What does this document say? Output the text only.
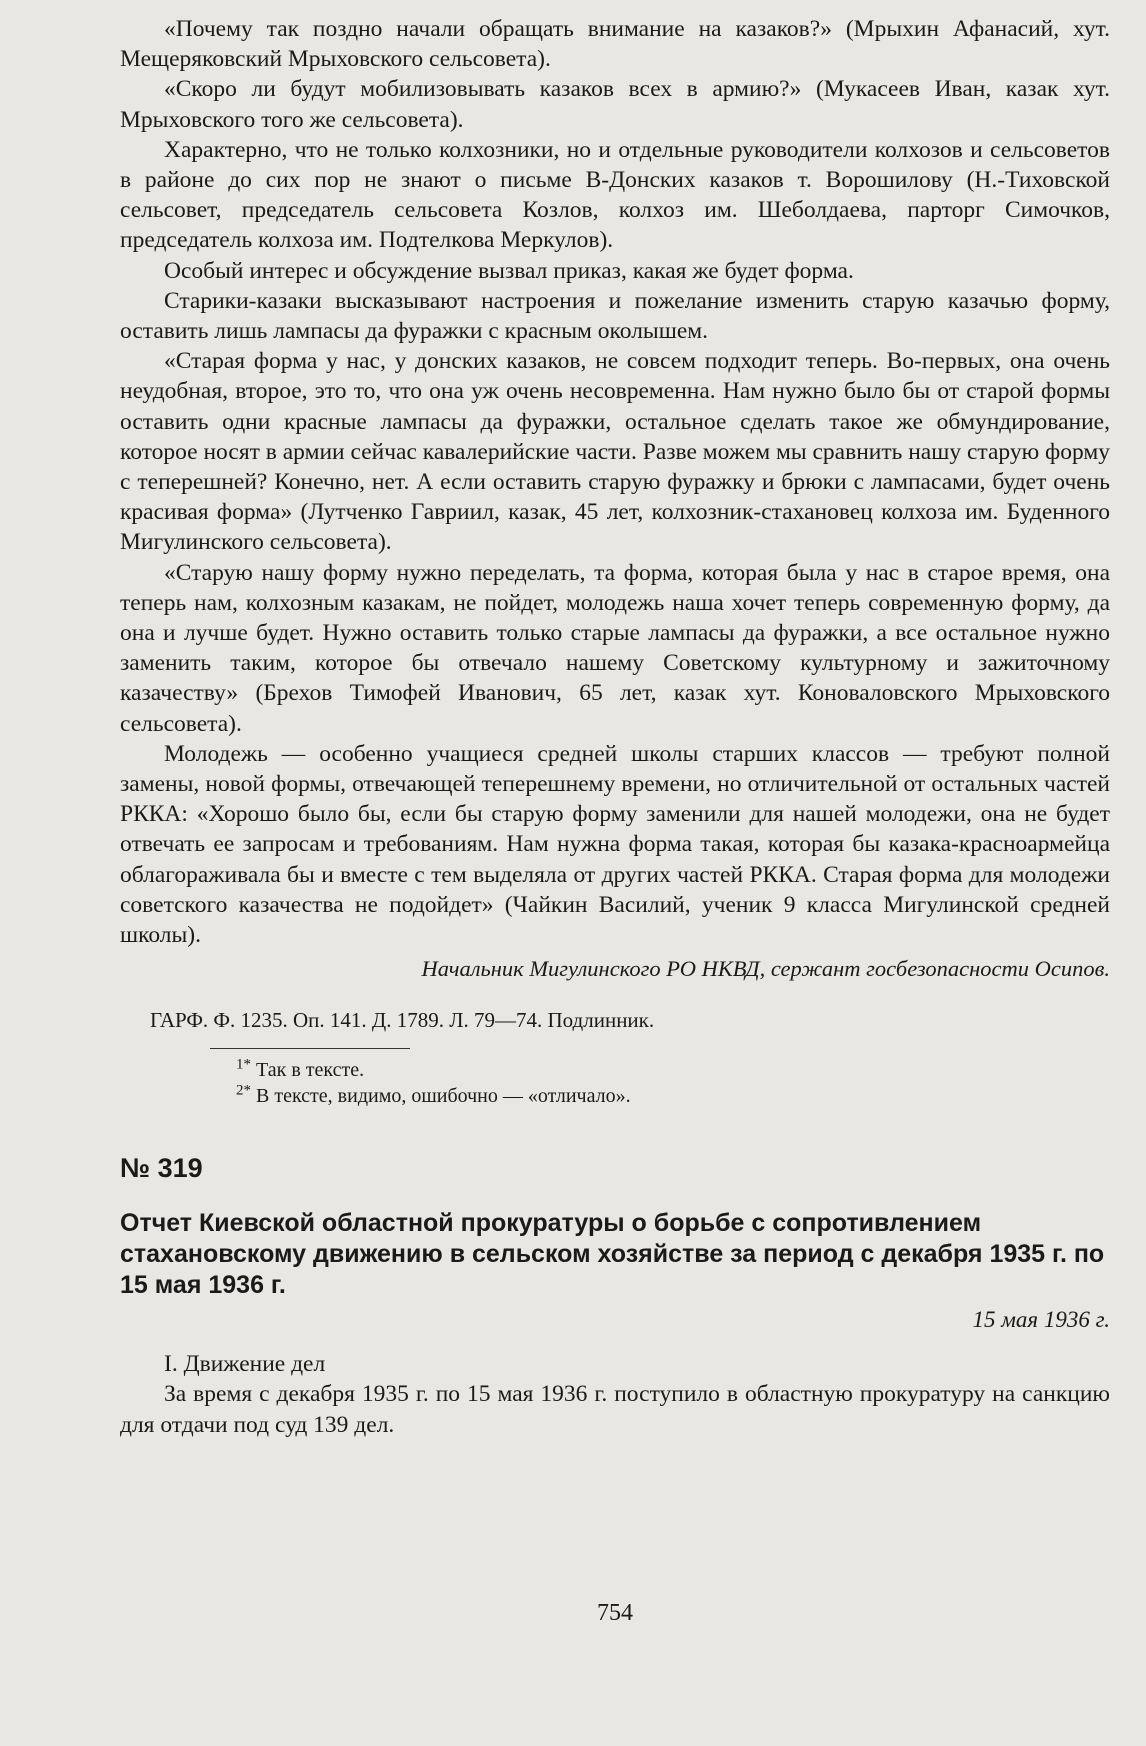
«Почему так поздно начали обращать внимание на казаков?» (Мрыхин Афанасий, хут. Мещеряковский Мрыховского сельсовета).

«Скоро ли будут мобилизовывать казаков всех в армию?» (Мукасеев Иван, казак хут. Мрыховского того же сельсовета).

Характерно, что не только колхозники, но и отдельные руководители колхозов и сельсоветов в районе до сих пор не знают о письме В-Донских казаков т. Ворошилову (Н.-Тиховской сельсовет, председатель сельсовета Козлов, колхоз им. Шеболдаева, парторг Симочков, председатель колхоза им. Подтелкова Меркулов).

Особый интерес и обсуждение вызвал приказ, какая же будет форма.

Старики-казаки высказывают настроения и пожелание изменить старую казачью форму, оставить лишь лампасы да фуражки с красным околышем.

«Старая форма у нас, у донских казаков, не совсем подходит теперь. Во-первых, она очень неудобная, второе, это то, что она уж очень несовременна. Нам нужно было бы от старой формы оставить одни красные лампасы да фуражки, остальное сделать такое же обмундирование, которое носят в армии сейчас кавалерийские части. Разве можем мы сравнить нашу старую форму с теперешней? Конечно, нет. А если оставить старую фуражку и брюки с лампасами, будет очень красивая форма» (Лутченко Гавриил, казак, 45 лет, колхозник-стахановец колхоза им. Буденного Мигулинского сельсовета).

«Старую нашу форму нужно переделать, та форма, которая была у нас в старое время, она теперь нам, колхозным казакам, не пойдет, молодежь наша хочет теперь современную форму, да она и лучше будет. Нужно оставить только старые лампасы да фуражки, а все остальное нужно заменить таким, которое бы отвечало нашему Советскому культурному и зажиточному казачеству» (Брехов Тимофей Иванович, 65 лет, казак хут. Коноваловского Мрыховского сельсовета).

Молодежь — особенно учащиеся средней школы старших классов — требуют полной замены, новой формы, отвечающей теперешнему времени, но отличительной от остальных частей РККА: «Хорошо было бы, если бы старую форму заменили для нашей молодежи, она не будет отвечать ее запросам и требованиям. Нам нужна форма такая, которая бы казака-красноармейца облагораживала бы и вместе с тем выделяла от других частей РККА. Старая форма для молодежи советского казачества не подойдет» (Чайкин Василий, ученик 9 класса Мигулинской средней школы).

Начальник Мигулинского РО НКВД, сержант госбезопасности Осипов.

ГАРФ. Ф. 1235. Оп. 141. Д. 1789. Л. 79—74. Подлинник.

$^{1*}$ Так в тексте.
$^{2*}$ В тексте, видимо, ошибочно — «отличало».
№ 319
Отчет Киевской областной прокуратуры о борьбе с сопротивлением стахановскому движению в сельском хозяйстве за период с декабря 1935 г. по 15 мая 1936 г.
15 мая 1936 г.
I. Движение дел

За время с декабря 1935 г. по 15 мая 1936 г. поступило в областную прокуратуру на санкцию для отдачи под суд 139 дел.

754
